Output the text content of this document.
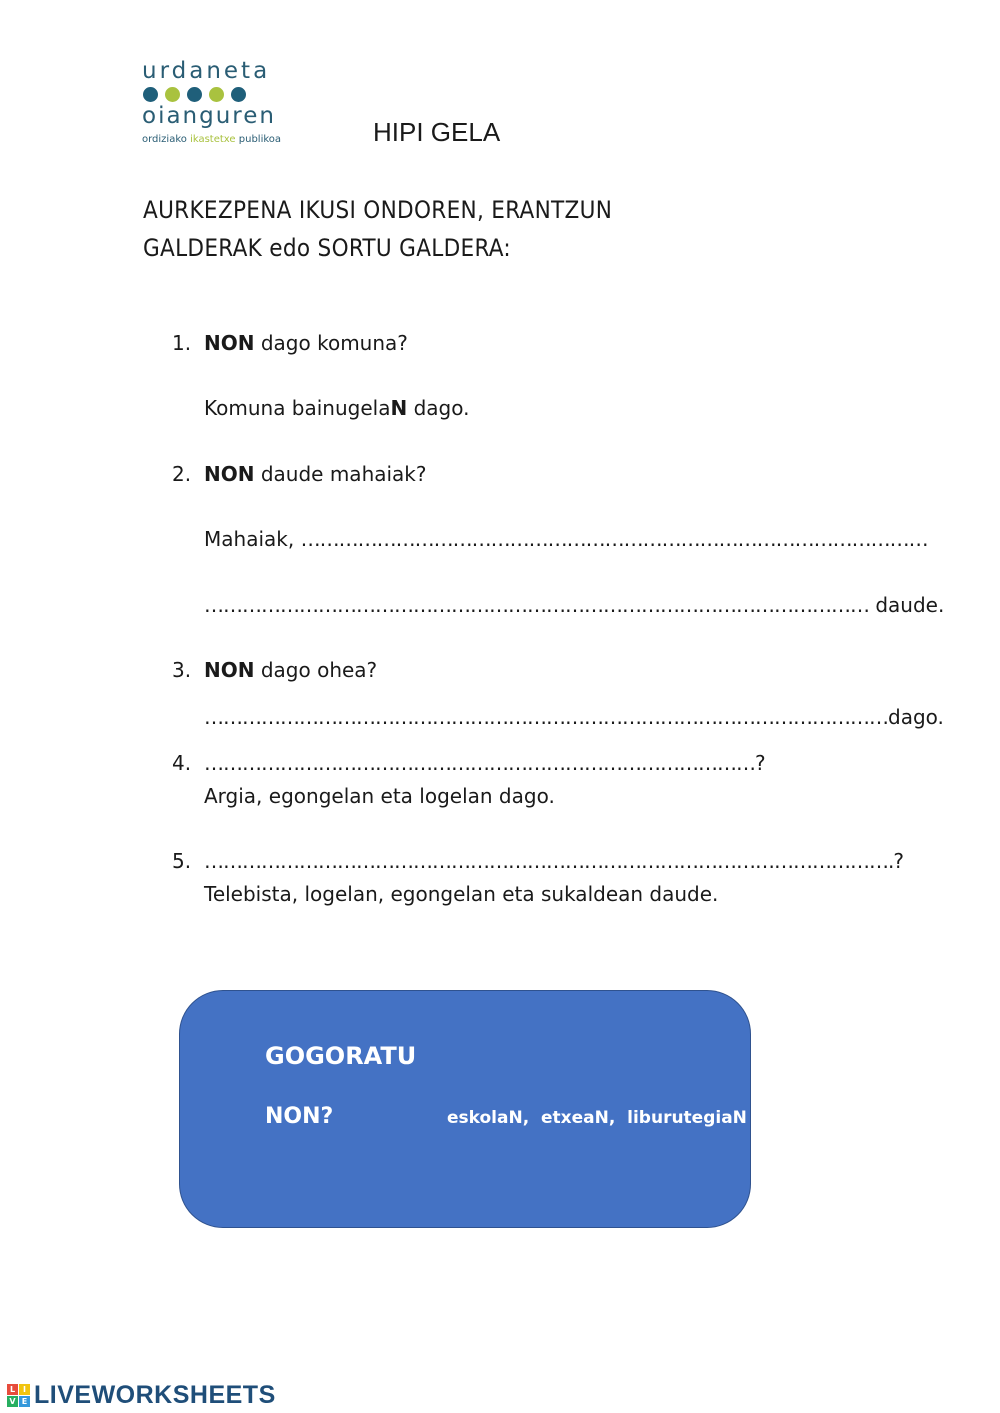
urdaneta
oianguren
ordiziako ikastetxe publikoa	HIPI GELA
AURKEZPENA IKUSI ONDOREN, ERANTZUN
GALDERAK edo SORTU GALDERA:
1. NON dago komuna?
Komuna bainugelaN dago.
2. NON daude mahaiak?
Mahaiak, ………………………………………………………………………………………
…………………………………………………………………………………………… daude.
3. NON dago ohea?
………………………………………………………………………………………………dago.
4. ……………………………………………………………………………?
Argia, egongelan eta logelan dago.
5. ……………………………………………………………………………………………….?
Telebista, logelan, egongelan eta sukaldean daude.
GOGORATU
NON?	eskolaN,  etxeaN,  liburutegiaN
L I
V E LIVEWORKSHEETS
